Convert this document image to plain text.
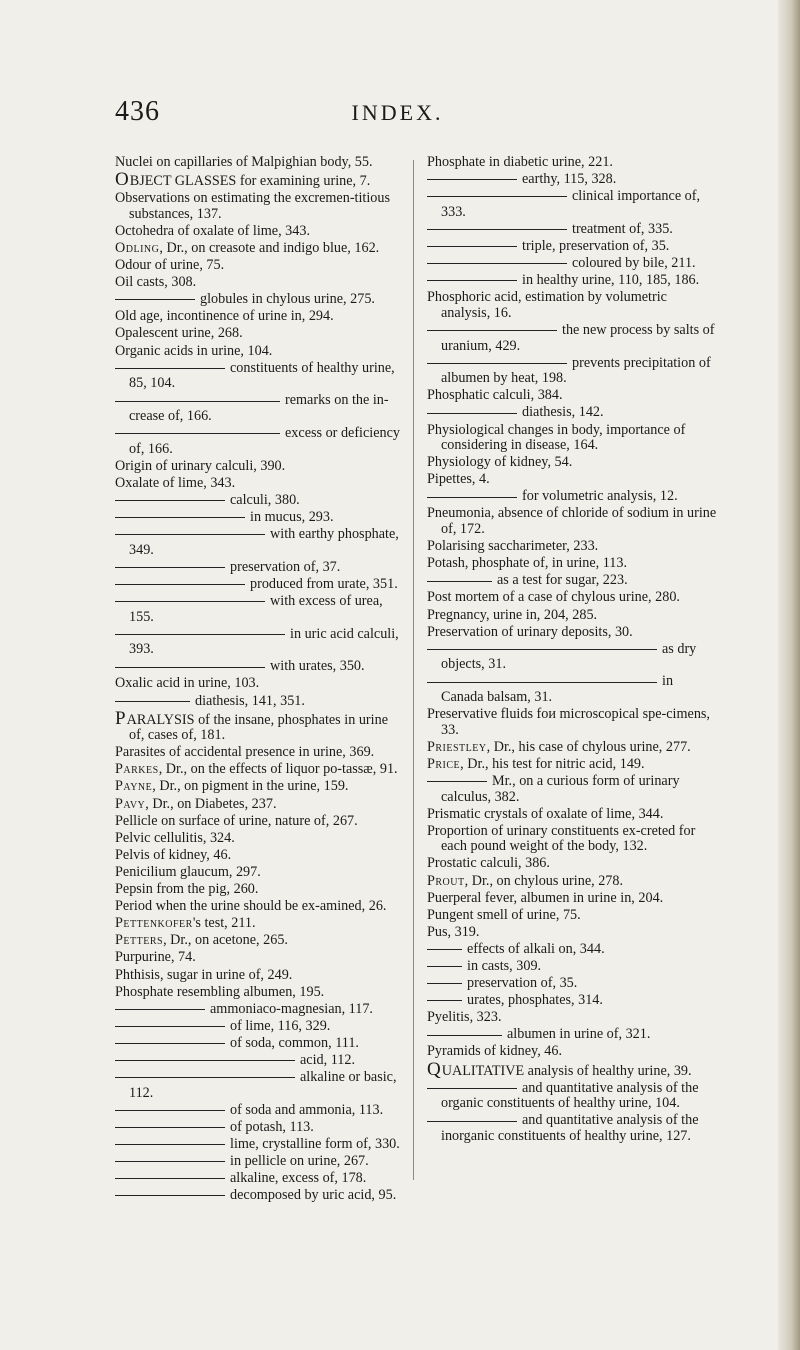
436	INDEX.
Nuclei on capillaries of Malpighian body, 55.
OBJECT GLASSES for examining urine, 7.
Observations on estimating the excremen-titious substances, 137.
Octohedra of oxalate of lime, 343.
Odling, Dr., on creasote and indigo blue, 162.
Odour of urine, 75.
Oil casts, 308.
globules in chylous urine, 275.
Old age, incontinence of urine in, 294.
Opalescent urine, 268.
Organic acids in urine, 104.
constituents of healthy urine, 85, 104.
remarks on the in-crease of, 166.
excess or deficiency of, 166.
Origin of urinary calculi, 390.
Oxalate of lime, 343.
calculi, 380.
in mucus, 293.
with earthy phosphate, 349.
preservation of, 37.
produced from urate, 351.
with excess of urea, 155.
in uric acid calculi, 393.
with urates, 350.
Oxalic acid in urine, 103.
diathesis, 141, 351.
PARALYSIS of the insane, phosphates in urine of, cases of, 181.
Parasites of accidental presence in urine, 369.
Parkes, Dr., on the effects of liquor po-tassæ, 91.
Payne, Dr., on pigment in the urine, 159.
Pavy, Dr., on Diabetes, 237.
Pellicle on surface of urine, nature of, 267.
Pelvic cellulitis, 324.
Pelvis of kidney, 46.
Penicilium glaucum, 297.
Pepsin from the pig, 260.
Period when the urine should be ex-amined, 26.
Pettenkofer's test, 211.
Petters, Dr., on acetone, 265.
Purpurine, 74.
Phthisis, sugar in urine of, 249.
Phosphate resembling albumen, 195.
ammoniaco-magnesian, 117.
of lime, 116, 329.
of soda, common, 111.
acid, 112.
alkaline or basic, 112.
of soda and ammonia, 113.
of potash, 113.
lime, crystalline form of, 330.
in pellicle on urine, 267.
alkaline, excess of, 178.
decomposed by uric acid, 95.
Phosphate in diabetic urine, 221.
earthy, 115, 328.
clinical importance of, 333.
treatment of, 335.
triple, preservation of, 35.
coloured by bile, 211.
in healthy urine, 110, 185, 186.
Phosphoric acid, estimation by volumetric analysis, 16.
the new process by salts of uranium, 429.
prevents precipitation of albumen by heat, 198.
Phosphatic calculi, 384.
diathesis, 142.
Physiological changes in body, importance of considering in disease, 164.
Physiology of kidney, 54.
Pipettes, 4.
for volumetric analysis, 12.
Pneumonia, absence of chloride of sodium in urine of, 172.
Polarising saccharimeter, 233.
Potash, phosphate of, in urine, 113.
as a test for sugar, 223.
Post mortem of a case of chylous urine, 280.
Pregnancy, urine in, 204, 285.
Preservation of urinary deposits, 30.
as dry objects, 31.
in Canada balsam, 31.
Preservative fluids foи microscopical spe-cimens, 33.
Priestley, Dr., his case of chylous urine, 277.
Price, Dr., his test for nitric acid, 149.
Mr., on a curious form of urinary calculus, 382.
Prismatic crystals of oxalate of lime, 344.
Proportion of urinary constituents ex-creted for each pound weight of the body, 132.
Prostatic calculi, 386.
Prout, Dr., on chylous urine, 278.
Puerperal fever, albumen in urine in, 204.
Pungent smell of urine, 75.
Pus, 319.
effects of alkali on, 344.
in casts, 309.
preservation of, 35.
urates, phosphates, 314.
Pyelitis, 323.
albumen in urine of, 321.
Pyramids of kidney, 46.
QUALITATIVE analysis of healthy urine, 39.
and quantitative analysis of the organic constituents of healthy urine, 104.
and quantitative analysis of the inorganic constituents of healthy urine, 127.
